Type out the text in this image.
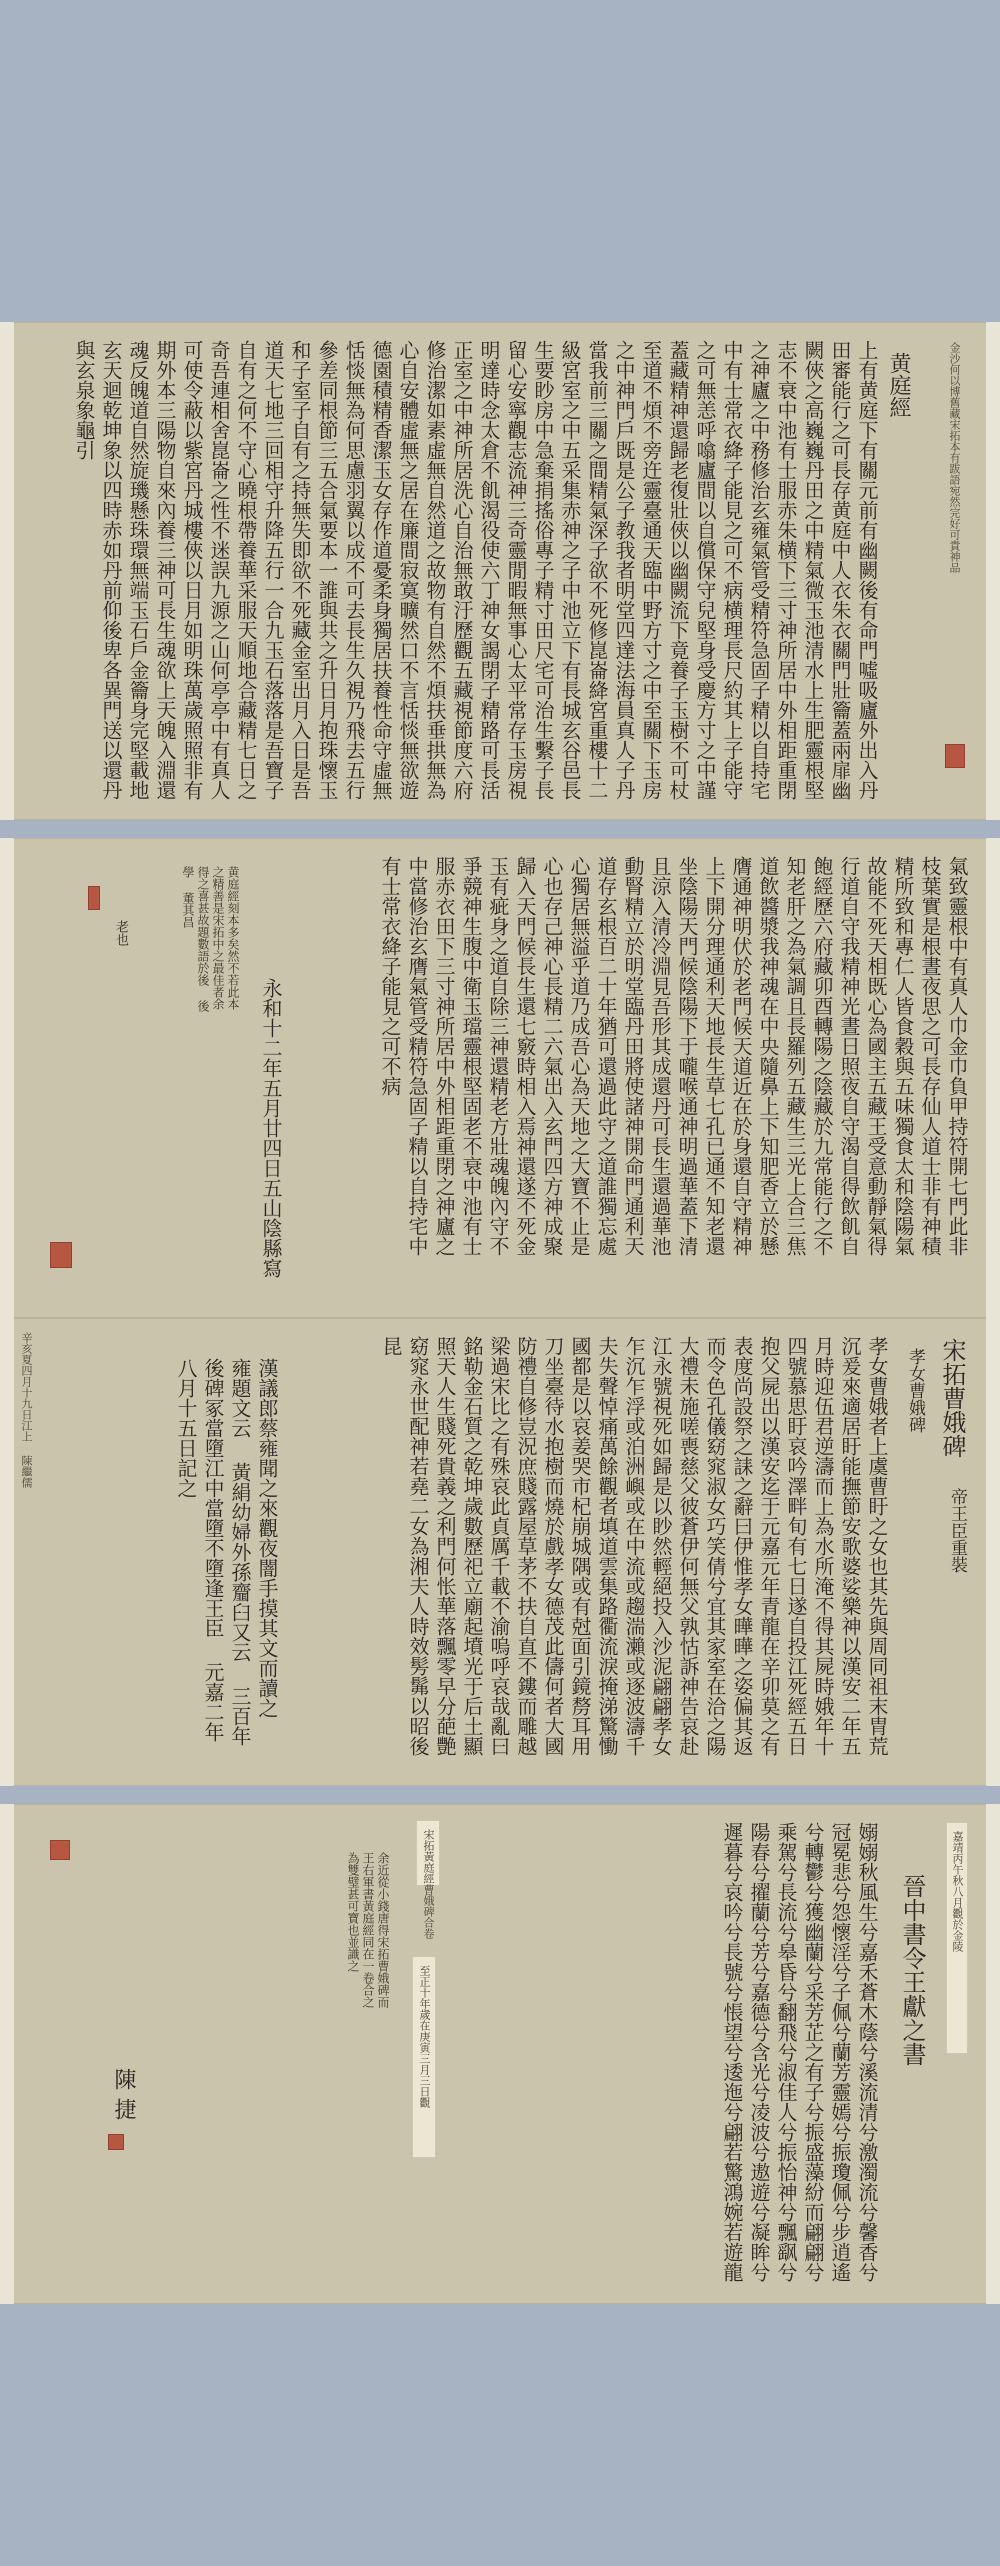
金沙何以博舊藏宋拓本有跋語宛然完好可貴神品
黄庭經
上有黄庭下有關元前有幽闕後有命門噓吸廬外出入丹田審能行之可長存黄庭中人衣朱衣關門壯籥蓋兩扉幽闕俠之高巍巍丹田之中精氣微玉池清水上生肥靈根堅志不衰中池有士服赤朱横下三寸神所居中外相距重閉之神廬之中務修治玄雍氣管受精符急固子精以自持宅中有士常衣絳子能見之可不病横理長尺約其上子能守之可無恙呼噏廬間以自償保守兒堅身受慶方寸之中謹蓋藏精神還歸老復壯俠以幽闕流下竟養子玉樹不可杖至道不煩不旁迕靈臺通天臨中野方寸之中至關下玉房之中神門戶既是公子教我者明堂四達法海員真人子丹當我前三關之間精氣深子欲不死修崑崙絳宮重樓十二級宮室之中五采集赤神之子中池立下有長城玄谷邑長生要眇房中急棄捐搖俗專子精寸田尺宅可治生繫子長留心安寧觀志流神三奇靈閒暇無事心太平常存玉房視明達時念太倉不飢渴役使六丁神女謁閉子精路可長活正室之中神所居洗心自治無敢汙歷觀五藏視節度六府修治潔如素虛無自然道之故物有自然不煩扶垂拱無為心自安體虛無之居在廉間寂寞曠然口不言恬惔無欲遊德園積精香潔玉女存作道憂柔身獨居扶養性命守虛無恬惔無為何思慮羽翼以成不可去長生久視乃飛去五行參差同根節三五合氣要本一誰與共之升日月抱珠懷玉和子室子自有之持無失即欲不死藏金室出月入日是吾道天七地三回相守升降五行一合九玉石落落是吾寶子自有之何不守心曉根帶養華采服天順地合藏精七日之奇吾連相舍崑崙之性不迷誤九源之山何亭亭中有真人可使令蔽以紫宮丹城樓俠以日月如明珠萬歲照照非有期外本三陽物自來內養三神可長生魂欲上天魄入淵還魂反魄道自然旋璣懸珠環無端玉石戶金籥身完堅載地玄天迴乾坤象以四時赤如丹前仰後卑各異門送以還丹與玄泉象龜引
氣致靈根中有真人巾金巾負甲持符開七門此非枝葉實是根晝夜思之可長存仙人道士非有神積精所致和專仁人皆食穀與五味獨食太和陰陽氣故能不死天相既心為國主五藏王受意動靜氣得行道自守我精神光晝日照夜自守渴自得飲飢自飽經歷六府藏卯酉轉陽之陰藏於九常能行之不知老肝之為氣調且長羅列五藏生三光上合三焦道飲醬漿我神魂在中央隨鼻上下知肥香立於懸膺通神明伏於老門候天道近在於身還自守精神上下開分理通利天地長生草七孔已通不知老還坐陰陽天門候陰陽下于嚨喉通神明過華蓋下清且涼入清冷淵見吾形其成還丹可長生還過華池動腎精立於明堂臨丹田將使諸神開命門通利天道存玄根百二十年猶可還過此守之道誰獨忘處心獨居無溢乎道乃成吾心為天地之大寶不止是心也存己神心長精二六氣出入玄門四方神成聚歸入天門候長生還七竅時相入焉神還遂不死金玉有疵身之道自除三神還精老方壯魂魄內守不爭競神生腹中衛玉璫靈根堅固老不衰中池有士服赤衣田下三寸神所居中外相距重閉之神廬之中當修治玄膺氣管受精符急固子精以自持宅中有士常衣絳子能見之可不病
永和十二年五月廿四日五山陰縣寫
黄庭經刻本多矣然不若此本之精善是宋拓中之最佳者余得之喜甚故題數語於後 後學 董其昌
老也
宋拓曹娥碑
帝王臣重裝
孝女曹娥碑
孝女曹娥者上虞曹盱之女也其先與周同祖末胄荒沉爰來適居盱能撫節安歌婆娑樂神以漢安二年五月時迎伍君逆濤而上為水所淹不得其屍時娥年十四號慕思盱哀吟澤畔旬有七日遂自投江死經五日抱父屍出以漢安迄于元嘉元年青龍在辛卯莫之有表度尚設祭之誄之辭曰伊惟孝女曄曄之姿偏其返而令色孔儀窈窕淑女巧笑倩兮宜其家室在洽之陽大禮未施嗟喪慈父彼蒼伊何無父孰怙訴神告哀赴江永號視死如歸是以眇然輕絕投入沙泥翩翩孝女乍沉乍浮或泊洲嶼或在中流或趨湍瀨或逐波濤千夫失聲悼痛萬餘觀者填道雲集路衢流淚掩涕驚慟國都是以哀姜哭市杞崩城隅或有尅面引鏡剺耳用刀坐臺待水抱樹而燒於戲孝女德茂此儔何者大國防禮自修豈況庶賤露屋草茅不扶自直不鏤而雕越梁過宋比之有殊哀此貞厲千載不渝嗚呼哀哉亂曰銘勒金石質之乾坤歲數歷祀立廟起墳光于后土顯照天人生賤死貴義之利門何怅華落飄零早分葩艷窈窕永世配神若堯二女為湘夫人時效髣髴以昭後昆
漢議郎蔡雍聞之來觀夜闇手摸其文而讀之 雍題文云 黃絹幼婦外孫齏臼又云 三百年後碑冢當墮江中當墮不墮逢王臣 元嘉二年八月十五日記之
辛亥夏四月十九日江上 陳繼儒
嘉靖丙午秋八月觀於金陵
晉中書令王獻之書
嫋嫋秋風生兮嘉禾蒼木蔭兮溪流清兮激濁流兮馨香兮冠冕悲兮怨懷淫兮子佩兮蘭芳靈嫣兮振瓊佩兮步逍遙兮轉鬱兮獲幽蘭兮采芳芷之有子兮振盛藻紛而翩翩兮乘駕兮長流兮皋昏兮翻飛兮淑佳人兮振怡神兮飄飖兮陽春兮擢蘭兮芳兮嘉德兮含光兮凌波兮遨遊兮凝眸兮遲暮兮哀吟兮長號兮悵望兮逶迤兮翩若驚鴻婉若遊龍
宋拓黃庭經曹娥碑合卷
至正十年歲在庚寅三月三日觀
余近從小錢唐得宋拓曹娥碑而王右軍書黃庭經同在一卷合之為雙璧甚可寶也並識之
陳捷
